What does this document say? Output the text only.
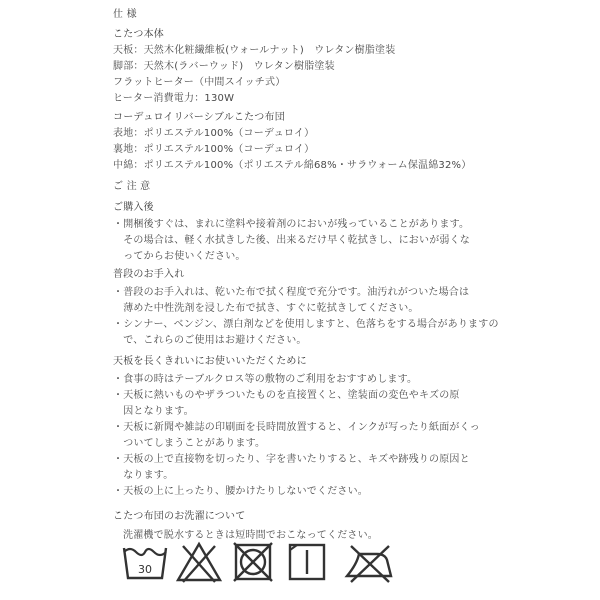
仕 様
こたつ本体
天板：天然木化粧繊維板(ウォールナット)　ウレタン樹脂塗装
脚部：天然木(ラバーウッド)　ウレタン樹脂塗装
フラットヒーター（中間スイッチ式）
ヒーター消費電力：130W
コーデュロイリバーシブルこたつ布団
表地：ポリエステル100%（コーデュロイ）
裏地：ポリエステル100%（コーデュロイ）
中綿：ポリエステル100%（ポリエステル綿68%・サラウォーム保温綿32%）
ご 注 意
ご購入後
・開梱後すぐは、まれに塗料や接着剤のにおいが残っていることがあります。
　その場合は、軽く水拭きした後、出来るだけ早く乾拭きし、においが弱くな
　ってからお使いください。
普段のお手入れ
・普段のお手入れは、乾いた布で拭く程度で充分です。油汚れがついた場合は
　薄めた中性洗剤を浸した布で拭き、すぐに乾拭きしてください。
・シンナー、ベンジン、漂白剤などを使用しますと、色落ちをする場合がありますの
　で、これらのご使用はお避けください。
天板を長くきれいにお使いいただくために
・食事の時はテーブルクロス等の敷物のご利用をおすすめします。
・天板に熱いものやザラついたものを直接置くと、塗装面の変色やキズの原
　因となります。
・天板に新聞や雑誌の印刷面を長時間放置すると、インクが写ったり紙面がくっ
　ついてしまうことがあります。
・天板の上で直接物を切ったり、字を書いたりすると、キズや跡残りの原因と
　なります。
・天板の上に上ったり、腰かけたりしないでください。
こたつ布団のお洗濯について
洗濯機で脱水するときは短時間でおこなってください。
30
